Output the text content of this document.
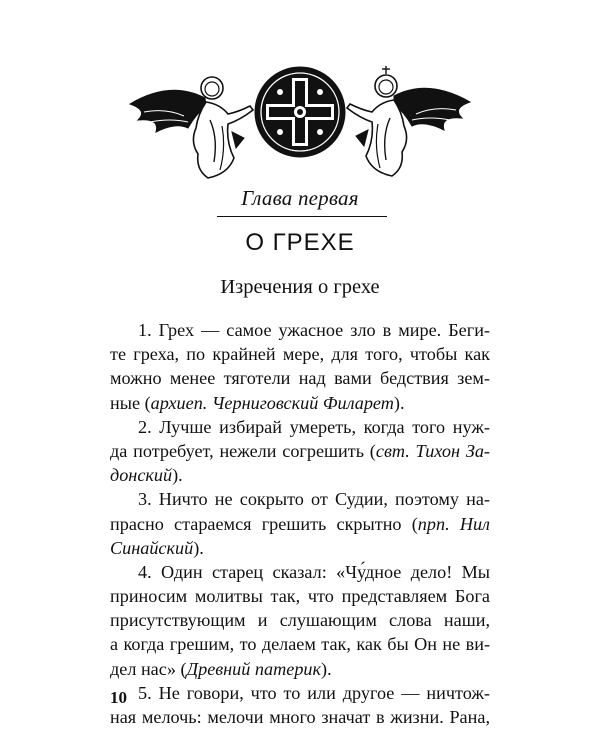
Глава первая
О ГРЕХЕ
Изречения о грехе
1. Грех — самое ужасное зло в мире. Беги-
те греха, по крайней мере, для того, чтобы как
можно менее тяготели над вами бедствия зем-
ные (архиеп. Черниговский Филарет).
2. Лучше избирай умереть, когда того нуж-
да потребует, нежели согрешить (свт. Тихон За-
донский).
3. Ничто не сокрыто от Судии, поэтому на-
прасно стараемся грешить скрытно (прп. Нил
Синайский).
4. Один старец сказал: «Чу́дное дело! Мы
приносим молитвы так, что представляем Бога
присутствующим и слушающим слова наши,
а когда грешим, то делаем так, как бы Он не ви-
дел нас» (Древний патерик).
5. Не говори, что то или другое — ничтож-
ная мелочь: мелочи много значат в жизни. Рана,
10
